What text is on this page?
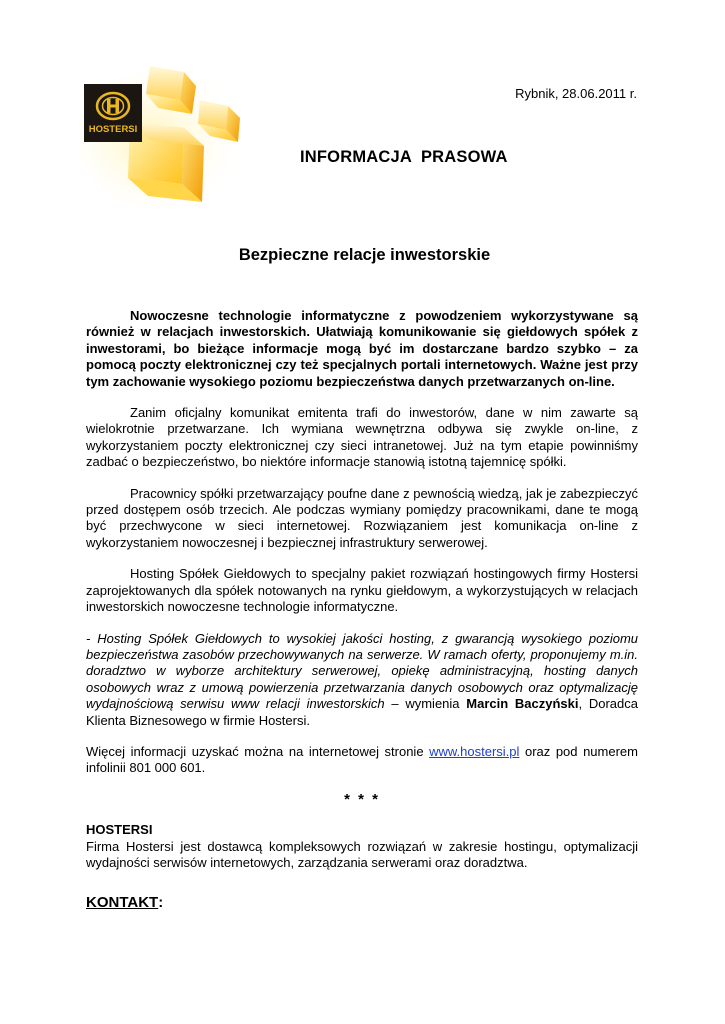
HOSTERSI
Rybnik, 28.06.2011 r.
INFORMACJA  PRASOWA
Bezpieczne relacje inwestorskie

Nowoczesne technologie informatyczne z powodzeniem wykorzystywane są również w relacjach inwestorskich. Ułatwiają komunikowanie się giełdowych spółek z inwestorami, bo bieżące informacje mogą być im dostarczane bardzo szybko – za pomocą poczty elektronicznej czy też specjalnych portali internetowych. Ważne jest przy tym zachowanie wysokiego poziomu bezpieczeństwa danych przetwarzanych on-line.

Zanim oficjalny komunikat emitenta trafi do inwestorów, dane w nim zawarte są wielokrotnie przetwarzane. Ich wymiana wewnętrzna odbywa się zwykle on-line, z wykorzystaniem poczty elektronicznej czy sieci intranetowej. Już na tym etapie powinniśmy zadbać o bezpieczeństwo, bo niektóre informacje stanowią istotną tajemnicę spółki.

Pracownicy spółki przetwarzający poufne dane z pewnością wiedzą, jak je zabezpieczyć przed dostępem osób trzecich. Ale podczas wymiany pomiędzy pracownikami, dane te mogą być przechwycone w sieci internetowej. Rozwiązaniem jest komunikacja on-line z wykorzystaniem nowoczesnej i bezpiecznej infrastruktury serwerowej.

Hosting Spółek Giełdowych to specjalny pakiet rozwiązań hostingowych firmy Hostersi zaprojektowanych dla spółek notowanych na rynku giełdowym, a wykorzystujących w relacjach inwestorskich nowoczesne technologie informatyczne.

- Hosting Spółek Giełdowych to wysokiej jakości hosting, z gwarancją wysokiego poziomu bezpieczeństwa zasobów przechowywanych na serwerze. W ramach oferty, proponujemy m.in. doradztwo w wyborze architektury serwerowej, opiekę administracyjną, hosting danych osobowych wraz z umową powierzenia przetwarzania danych osobowych oraz optymalizację wydajnościową serwisu www relacji inwestorskich – wymienia Marcin Baczyński, Doradca Klienta Biznesowego w firmie Hostersi.

Więcej informacji uzyskać można na internetowej stronie www.hostersi.pl oraz pod numerem infolinii 801 000 601.

* * *

HOSTERSI

Firma Hostersi jest dostawcą kompleksowych rozwiązań w zakresie hostingu, optymalizacji wydajności serwisów internetowych, zarządzania serwerami oraz doradztwa.

KONTAKT:
